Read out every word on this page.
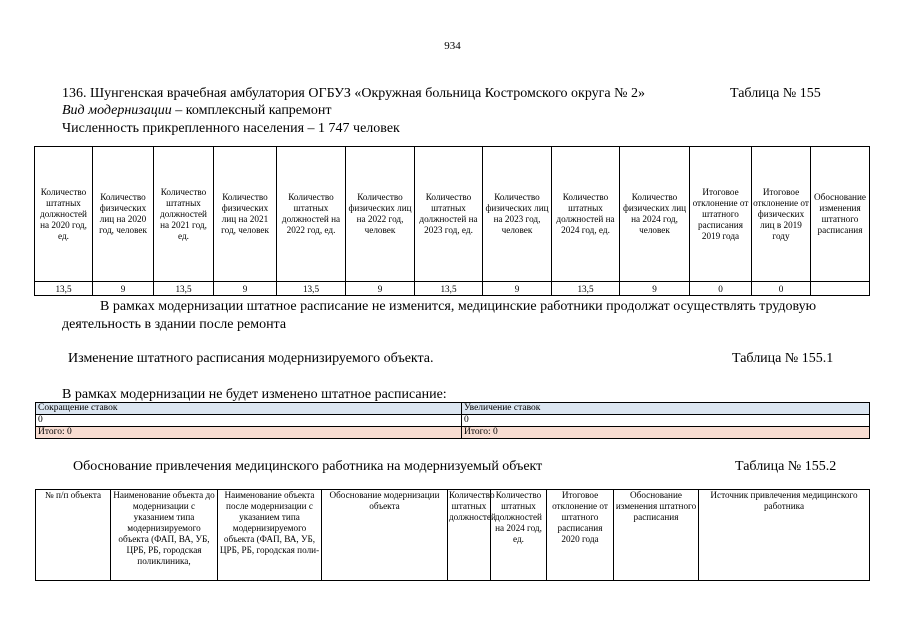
934
136. Шунгенская врачебная амбулатория ОГБУЗ «Окружная больница Костромского округа № 2»	Таблица № 155
Вид модернизации – комплексный капремонт
Численность прикрепленного населения – 1 747 человек
Количество штатных должностей на 2020 год, ед.	Количество физических лиц на 2020 год, человек	Количество штатных должностей на 2021 год, ед.	Количество физических лиц на 2021 год, человек	Количество штатных должностей на 2022 год, ед.	Количество физических лиц на 2022 год, человек	Количество штатных должностей на 2023 год, ед.	Количество физических лиц на 2023 год, человек	Количество штатных должностей на 2024 год, ед.	Количество физических лиц на 2024 год, человек	Итоговое отклонение от штатного расписания 2019 года	Итоговое отклонение от физических лиц в 2019 году	Обоснование изменения штатного расписания
13,5	9	13,5	9	13,5	9	13,5	9	13,5	9	0	0	
В рамках модернизации штатное расписание не изменится, медицинские работники продолжат осуществлять трудовую деятельность в здании после ремонта
Изменение штатного расписания модернизируемого объекта.	Таблица № 155.1
В рамках модернизации не будет изменено штатное расписание:
Сокращение ставок	Увеличение ставок
0	0
Итого: 0	Итого: 0
Обоснование привлечения медицинского работника на модернизуемый объект	Таблица № 155.2
№ п/п объекта	Наименование объекта до модернизации с указанием типа модернизируемого объекта (ФАП, ВА, УБ, ЦРБ, РБ, городская поликлиника,	Наименование объекта после модернизации с указанием типа модернизируемого объекта (ФАП, ВА, УБ, ЦРБ, РБ, городская поли-	Обоснование модернизации объекта	Количество штатных должностей	Количество штатных должностей на 2024 год, ед.	Итоговое отклонение от штатного расписания 2020 года	Обоснование изменения штатного расписания	Источник привлечения медицинского работника
